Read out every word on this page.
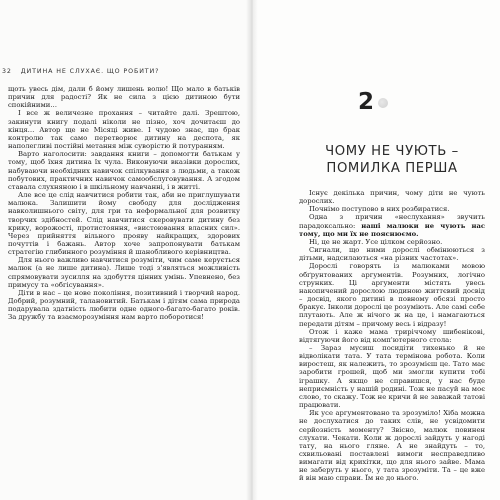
32 ДИТИНА НЕ СЛУХАЄ. ЩО РОБИТИ?

щоть увесь дім, дали б йому лишень волю! Що мало в батьків причин для радості? Як не сила з цією дитиною бути спокійними…

І все ж величезне прохання – читайте далі. Зрештою, закинути книгу подалі ніколи не пізно, хоч дочитаєш до кінця… Автор ще не Місяці живе. І чудово знає, що брак контролю так само перетворює дитину на деспота, як наполегливі постійні метання між суворістю й потуранням.

Варто наголосити: завдання книги – допомогти батькам у тому, щоб їхня дитина їх чула. Виконуючи вказівки дорослих, набуваючи необхідних навичок спілкування з людьми, а також побутових, практичних навичок самообслуговування. А згодом ставала слухняною і в шкільному навчанні, і в житті.

Але все це слід навчитися робити так, аби не приглушувати малюка. Залишити йому свободу для дослідження навколишнього світу, для гри та неформальної для розвитку творчих здібностей. Слід навчитися скеровувати дитину без крику, ворожості, протистояння, «вистоювання власних сил». Через прийняття вільного прояву найкращих, здорових почуттів і бажань. Автор хоче запропонувати батькам стратегію глибинного розуміння й шанобливого керівництва.

Для нього важливо навчитися розуміти, чим саме керується малюк (а не лише дитина). Лише тоді з'являться можливість спрямовувати зусилля на здобуття цінних умінь. Упевнено, без примусу та «обгісування».

Діти в нас – це нове покоління, позитивний і творчий народ. Добрий, розумний, талановитий. Батькам і дітям сама природа подарувала здатність любити одне одного-багато-багато років. За дружбу та взаєморозуміння нам варто поборотися!

2
ЧОМУ НЕ ЧУЮТЬ –
ПОМИЛКА ПЕРША

Існує декілька причин, чому діти не чують дорослих.

Почнімо поступово в них розбиратися.

Одна з причин «неслухання» звучить парадоксально: наші малюки не чують нас тому, що ми їх не пояснюємо.

Ні, це не жарт. Усе цілком серйозно.

Сигнали, що ними дорослі обмінюються з дітьми, надсилаються «на різних частотах».

Дорослі говорять із малюками мовою обґрунтованих аргументів. Розумних, логічно струнких. Ці аргументи містять увесь накопичений дорослою людиною життєвий досвід – досвід, якого дитині в повному обсязі просто бракує. Інколи дорослі це розуміють. Але самі себе плутають. Але ж нічого ж на це, і намагаються передати дітям – причому весь і відразу!

Отож і каже мама триріччому шибенікові, відтягуючи його від комп'ютерного стола:

– Зараз мусиш посидіти тихенько й не відволікати тата. У тата термінова робота. Коли виростеш, як належить, то зрозумієш це. Тато має заробити грошей, щоб ми змогли купити тобі іграшку. А якщо не справишся, у нас буде неприємність у нашій родині. Тож не пасуй на моє слово, то скажу. Тож не кричи й не заважай татові працювати.

Як усе аргументовано та зрозуміло! Хіба можна не дослухатися до таких слів, не усвідомити серйозність моменту? Звісно, малюк повинен слухати. Чекати. Коли ж дорослі зайдуть у нагоді тату, на нього гляне. А не знайдуть – то, схвильовані поставлені вимоги несправедливо вимагати від крихітки, що для нього зайве. Мама не заберуть у нього, у тата зрозуміти. Та – це вже й він маю справи. Їм не до нього.
